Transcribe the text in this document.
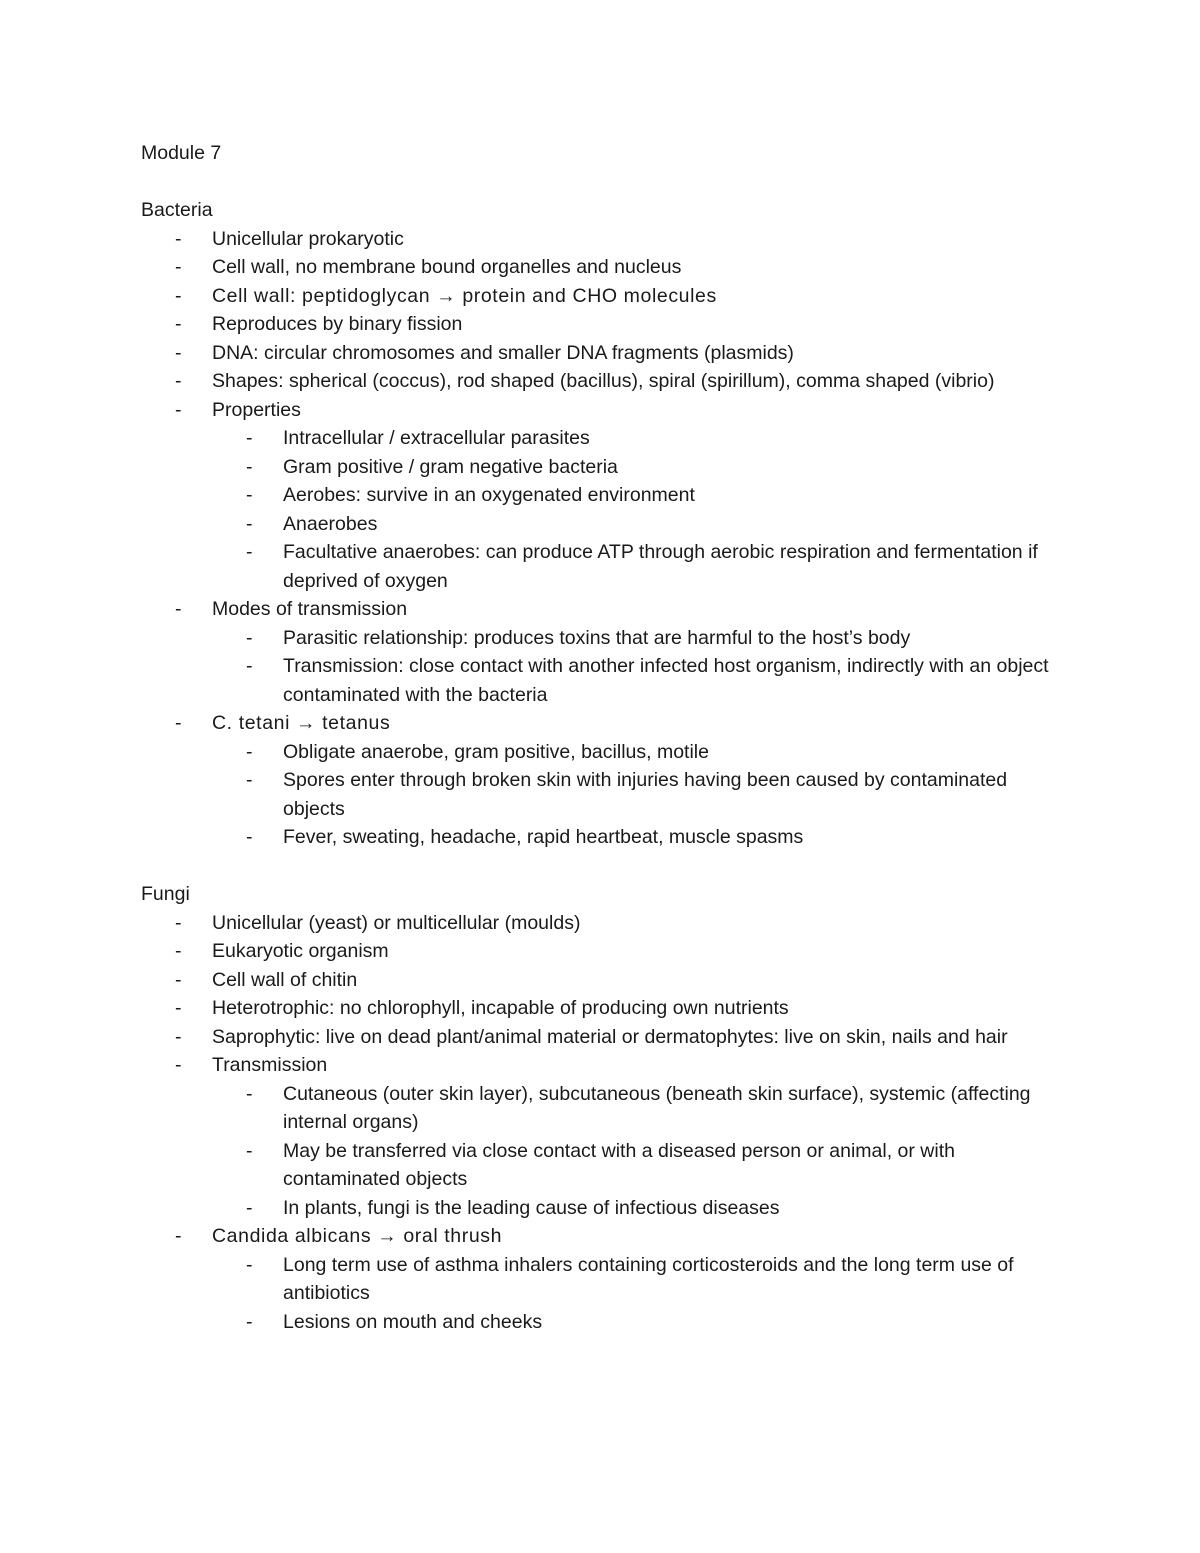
Module 7
Bacteria
- Unicellular prokaryotic
- Cell wall, no membrane bound organelles and nucleus
- Cell wall: peptidoglycan → protein and CHO molecules
- Reproduces by binary fission
- DNA: circular chromosomes and smaller DNA fragments (plasmids)
- Shapes: spherical (coccus), rod shaped (bacillus), spiral (spirillum), comma shaped (vibrio)
- Properties
- Intracellular / extracellular parasites
- Gram positive / gram negative bacteria
- Aerobes: survive in an oxygenated environment
- Anaerobes
- Facultative anaerobes: can produce ATP through aerobic respiration and fermentation if deprived of oxygen
- Modes of transmission
- Parasitic relationship: produces toxins that are harmful to the host’s body
- Transmission: close contact with another infected host organism, indirectly with an object contaminated with the bacteria
- C. tetani → tetanus
- Obligate anaerobe, gram positive, bacillus, motile
- Spores enter through broken skin with injuries having been caused by contaminated objects
- Fever, sweating, headache, rapid heartbeat, muscle spasms
Fungi
- Unicellular (yeast) or multicellular (moulds)
- Eukaryotic organism
- Cell wall of chitin
- Heterotrophic: no chlorophyll, incapable of producing own nutrients
- Saprophytic: live on dead plant/animal material or dermatophytes: live on skin, nails and hair
- Transmission
- Cutaneous (outer skin layer), subcutaneous (beneath skin surface), systemic (affecting internal organs)
- May be transferred via close contact with a diseased person or animal, or with contaminated objects
- In plants, fungi is the leading cause of infectious diseases
- Candida albicans → oral thrush
- Long term use of asthma inhalers containing corticosteroids and the long term use of antibiotics
- Lesions on mouth and cheeks
